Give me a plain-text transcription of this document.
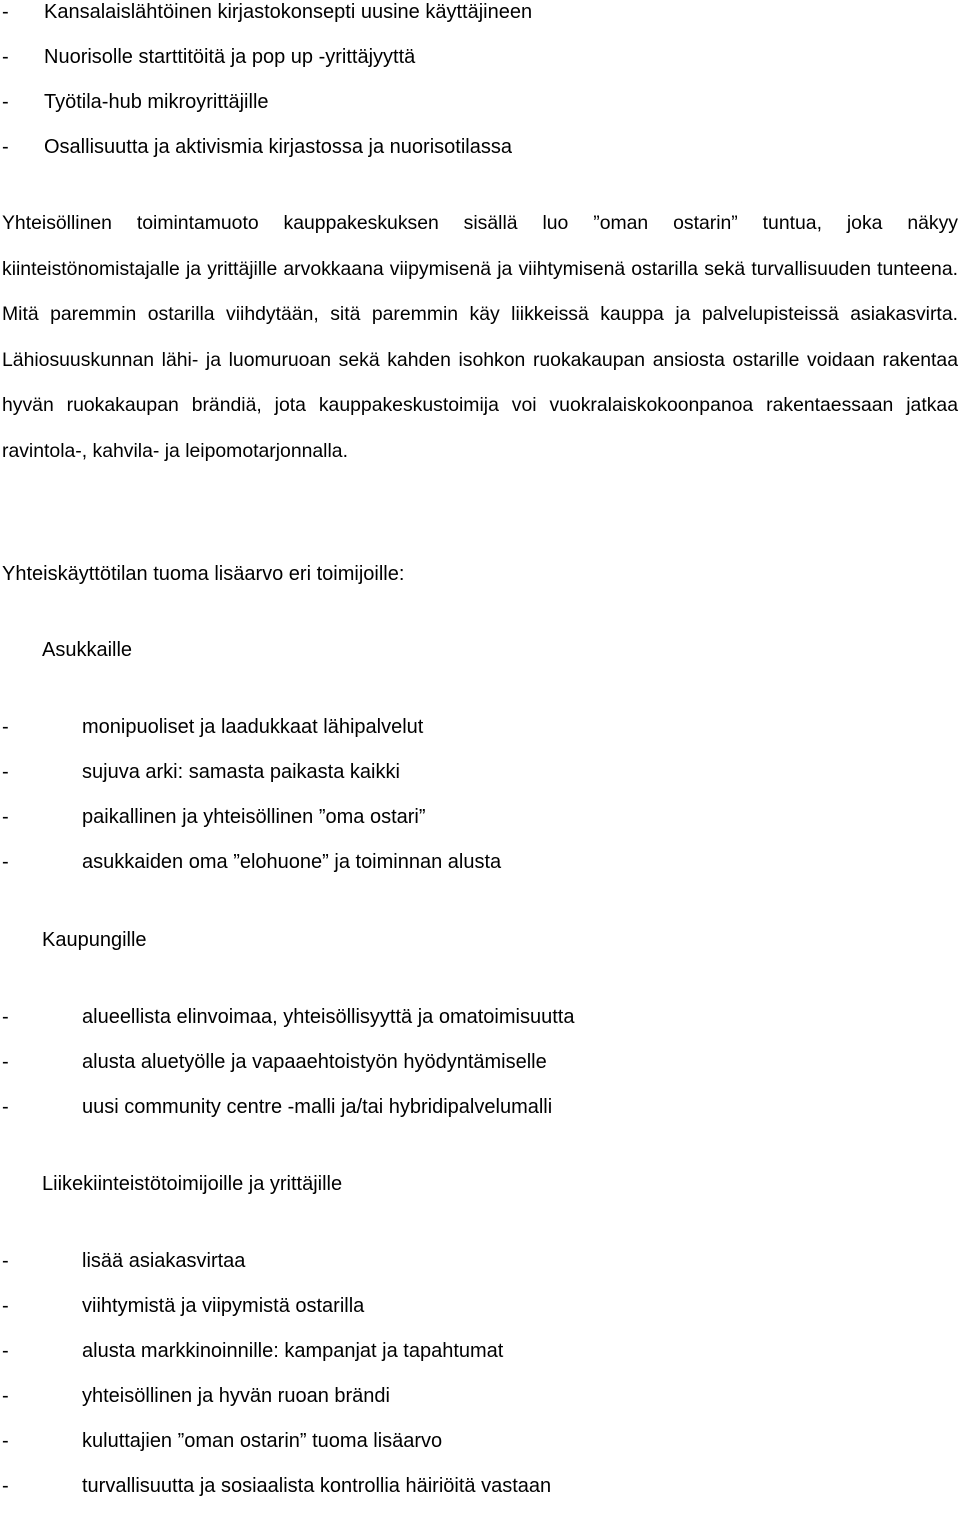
- Kansalaislähtöinen kirjastokonsepti uusine käyttäjineen
- Nuorisolle starttitöitä ja pop up -yrittäjyyttä
- Työtila-hub mikroyrittäjille
- Osallisuutta ja aktivismia kirjastossa ja nuorisotilassa

Yhteisöllinen toimintamuoto kauppakeskuksen sisällä luo ”oman ostarin” tuntua, joka näkyy kiinteistönomistajalle ja yrittäjille arvokkaana viipymisenä ja viihtymisenä ostarilla sekä turvallisuuden tunteena. Mitä paremmin ostarilla viihdytään, sitä paremmin käy liikkeissä kauppa ja palvelupisteissä asiakasvirta. Lähiosuuskunnan lähi- ja luomuruoan sekä kahden isohkon ruokakaupan ansiosta ostarille voidaan rakentaa hyvän ruokakaupan brändiä, jota kauppakeskustoimija voi vuokralaiskokoonpanoa rakentaessaan jatkaa ravintola-, kahvila- ja leipomotarjonnalla.

Yhteiskäyttötilan tuoma lisäarvo eri toimijoille:

Asukkaille

-	monipuoliset ja laadukkaat lähipalvelut
-	sujuva arki: samasta paikasta kaikki
-	paikallinen ja yhteisöllinen ”oma ostari”
-	asukkaiden oma ”elohuone” ja toiminnan alusta

Kaupungille

-	alueellista elinvoimaa, yhteisöllisyyttä ja omatoimisuutta
-	alusta aluetyölle ja vapaaehtoistyön hyödyntämiselle
-	uusi community centre -malli ja/tai hybridipalvelumalli

Liikekiinteistötoimijoille ja yrittäjille

-	lisää asiakasvirtaa
-	viihtymistä ja viipymistä ostarilla
-	alusta markkinoinnille: kampanjat ja tapahtumat
-	yhteisöllinen ja hyvän ruoan brändi
-	kuluttajien ”oman ostarin” tuoma lisäarvo
-	turvallisuutta ja sosiaalista kontrollia häiriöitä vastaan
